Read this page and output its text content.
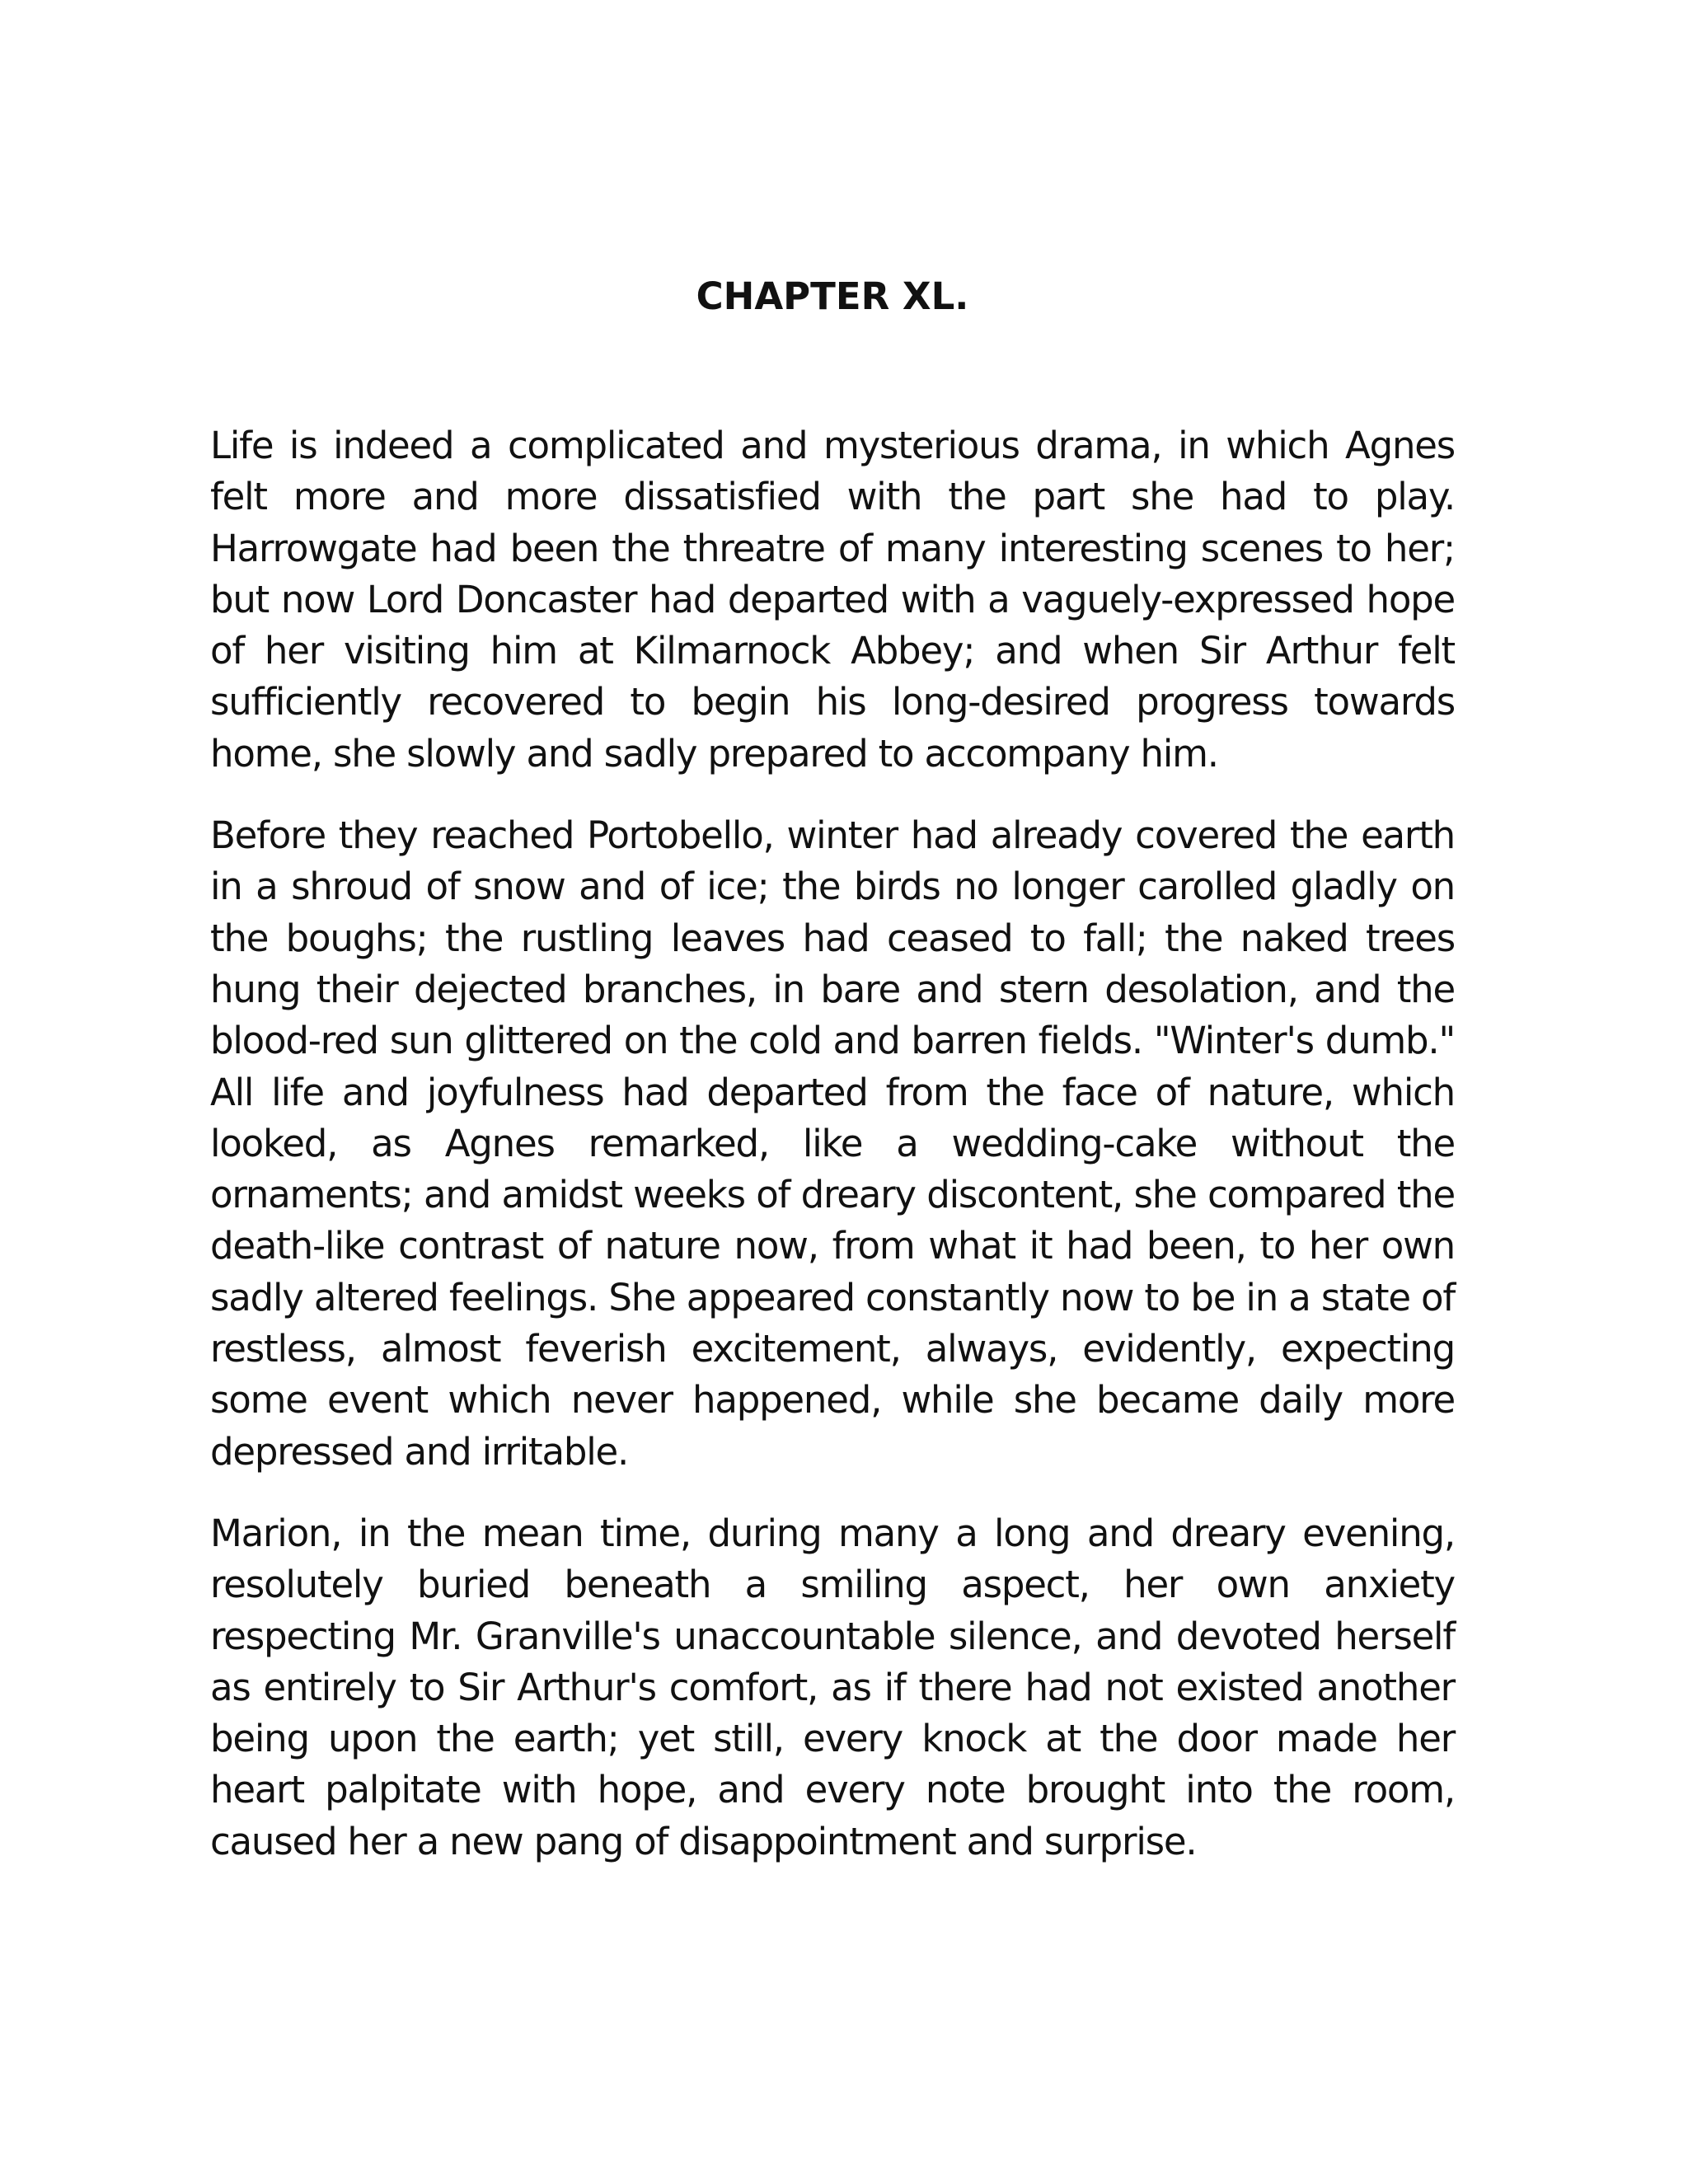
CHAPTER XL.

Life is indeed a complicated and mysterious drama, in which Agnes felt more and more dissatisfied with the part she had to play. Harrowgate had been the threatre of many interesting scenes to her; but now Lord Doncaster had departed with a vaguely-expressed hope of her visiting him at Kilmarnock Abbey; and when Sir Arthur felt sufficiently recovered to begin his long-desired progress towards home, she slowly and sadly prepared to accompany him.

Before they reached Portobello, winter had already covered the earth in a shroud of snow and of ice; the birds no longer carolled gladly on the boughs; the rustling leaves had ceased to fall; the naked trees hung their dejected branches, in bare and stern desolation, and the blood-red sun glittered on the cold and barren fields. "Winter's dumb." All life and joyfulness had departed from the face of nature, which looked, as Agnes remarked, like a wedding-cake without the ornaments; and amidst weeks of dreary discontent, she compared the death-like contrast of nature now, from what it had been, to her own sadly altered feelings. She appeared constantly now to be in a state of restless, almost feverish excitement, always, evidently, expecting some event which never happened, while she became daily more depressed and irritable.

Marion, in the mean time, during many a long and dreary evening, resolutely buried beneath a smiling aspect, her own anxiety respecting Mr. Granville's unaccountable silence, and devoted herself as entirely to Sir Arthur's comfort, as if there had not existed another being upon the earth; yet still, every knock at the door made her heart palpitate with hope, and every note brought into the room, caused her a new pang of disappointment and surprise.
